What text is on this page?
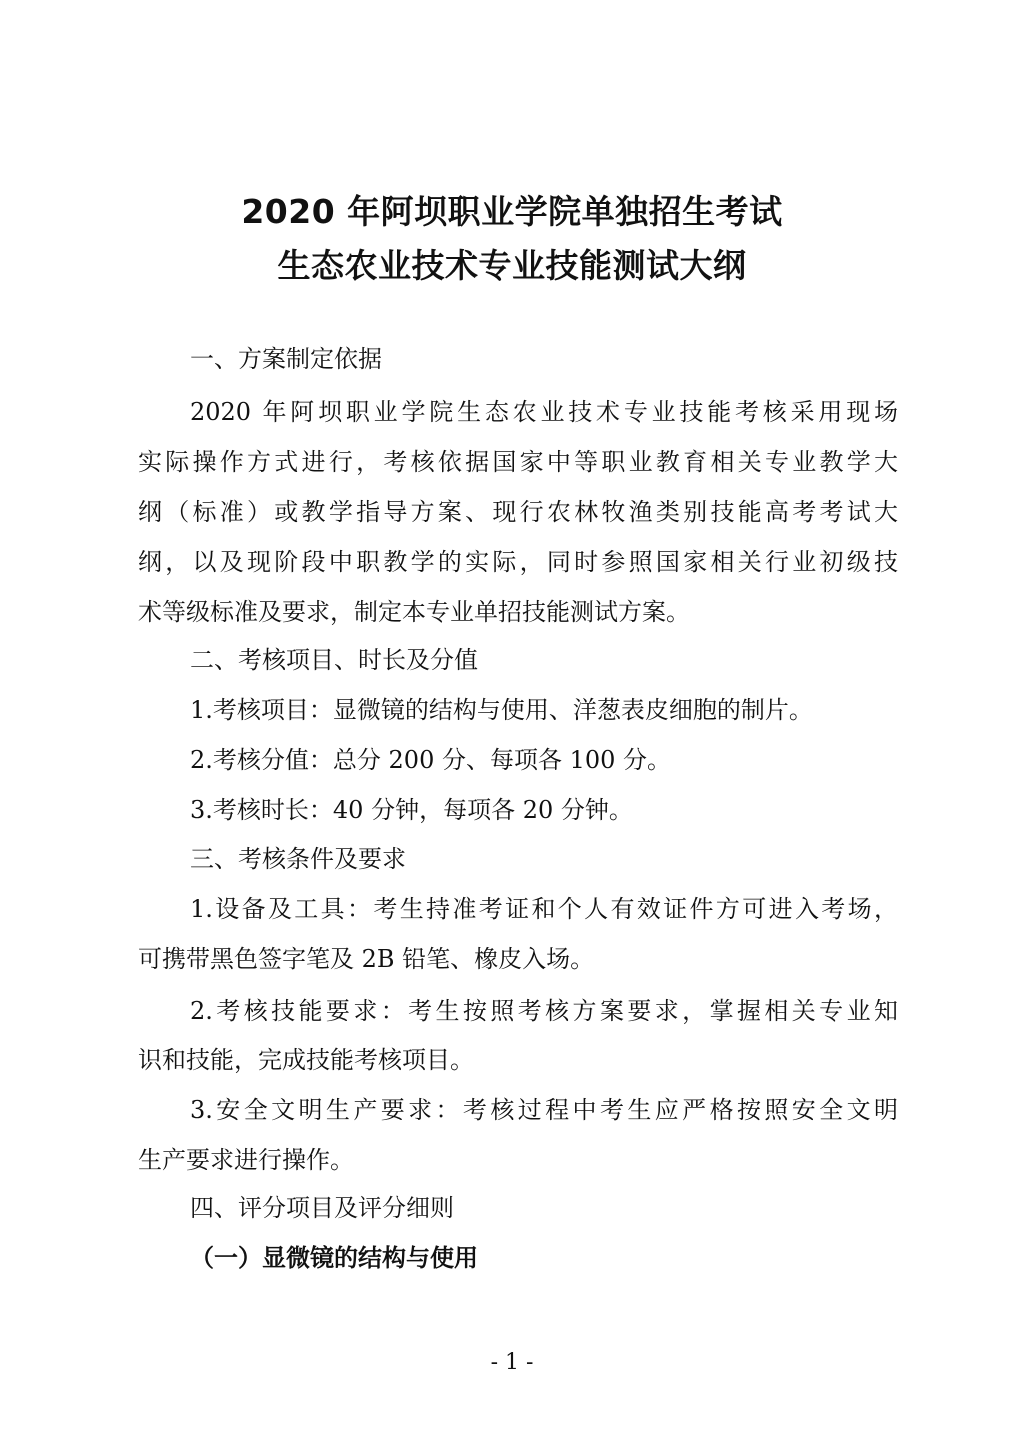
2020 年阿坝职业学院单独招生考试
生态农业技术专业技能测试大纲
一、方案制定依据
2020 年阿坝职业学院生态农业技术专业技能考核采用现场
实际操作方式进行，考核依据国家中等职业教育相关专业教学大
纲（标准）或教学指导方案、现行农林牧渔类别技能高考考试大
纲，以及现阶段中职教学的实际，同时参照国家相关行业初级技
术等级标准及要求，制定本专业单招技能测试方案。
二、考核项目、时长及分值
1.考核项目：显微镜的结构与使用、洋葱表皮细胞的制片。
2.考核分值：总分 200 分、每项各 100 分。
3.考核时长：40 分钟，每项各 20 分钟。
三、考核条件及要求
1.设备及工具：考生持准考证和个人有效证件方可进入考场，
可携带黑色签字笔及 2B 铅笔、橡皮入场。
2.考核技能要求：考生按照考核方案要求，掌握相关专业知
识和技能，完成技能考核项目。
3.安全文明生产要求：考核过程中考生应严格按照安全文明
生产要求进行操作。
四、评分项目及评分细则
（一）显微镜的结构与使用
- 1 -
